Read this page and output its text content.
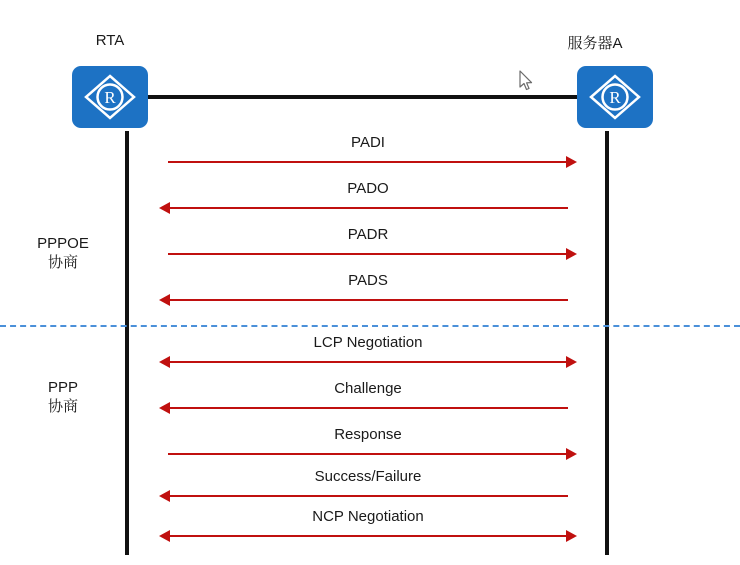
RTA	服务器A
R	R
PPPOE
协商
PPP
协商
PADI
PADO
PADR
PADS
LCP Negotiation
Challenge
Response
Success/Failure
NCP Negotiation
